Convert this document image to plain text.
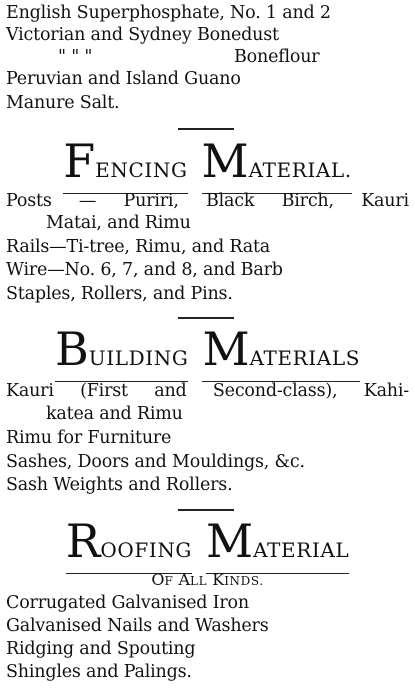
English Superphosphate, No. 1 and 2
Victorian and Sydney Bonedust
" " "	Boneflour
Peruvian and Island Guano
Manure Salt.
FENCING MATERIAL.
Posts — Puriri, Black Birch, Kauri
Matai, and Rimu
Rails—Ti-tree, Rimu, and Rata
Wire—No. 6, 7, and 8, and Barb
Staples, Rollers, and Pins.
BUILDING MATERIALS
Kauri (First and Second-class), Kahi-
katea and Rimu
Rimu for Furniture
Sashes, Doors and Mouldings, &c.
Sash Weights and Rollers.
ROOFING MATERIAL
OF ALL KINDS.
Corrugated Galvanised Iron
Galvanised Nails and Washers
Ridging and Spouting
Shingles and Palings.
